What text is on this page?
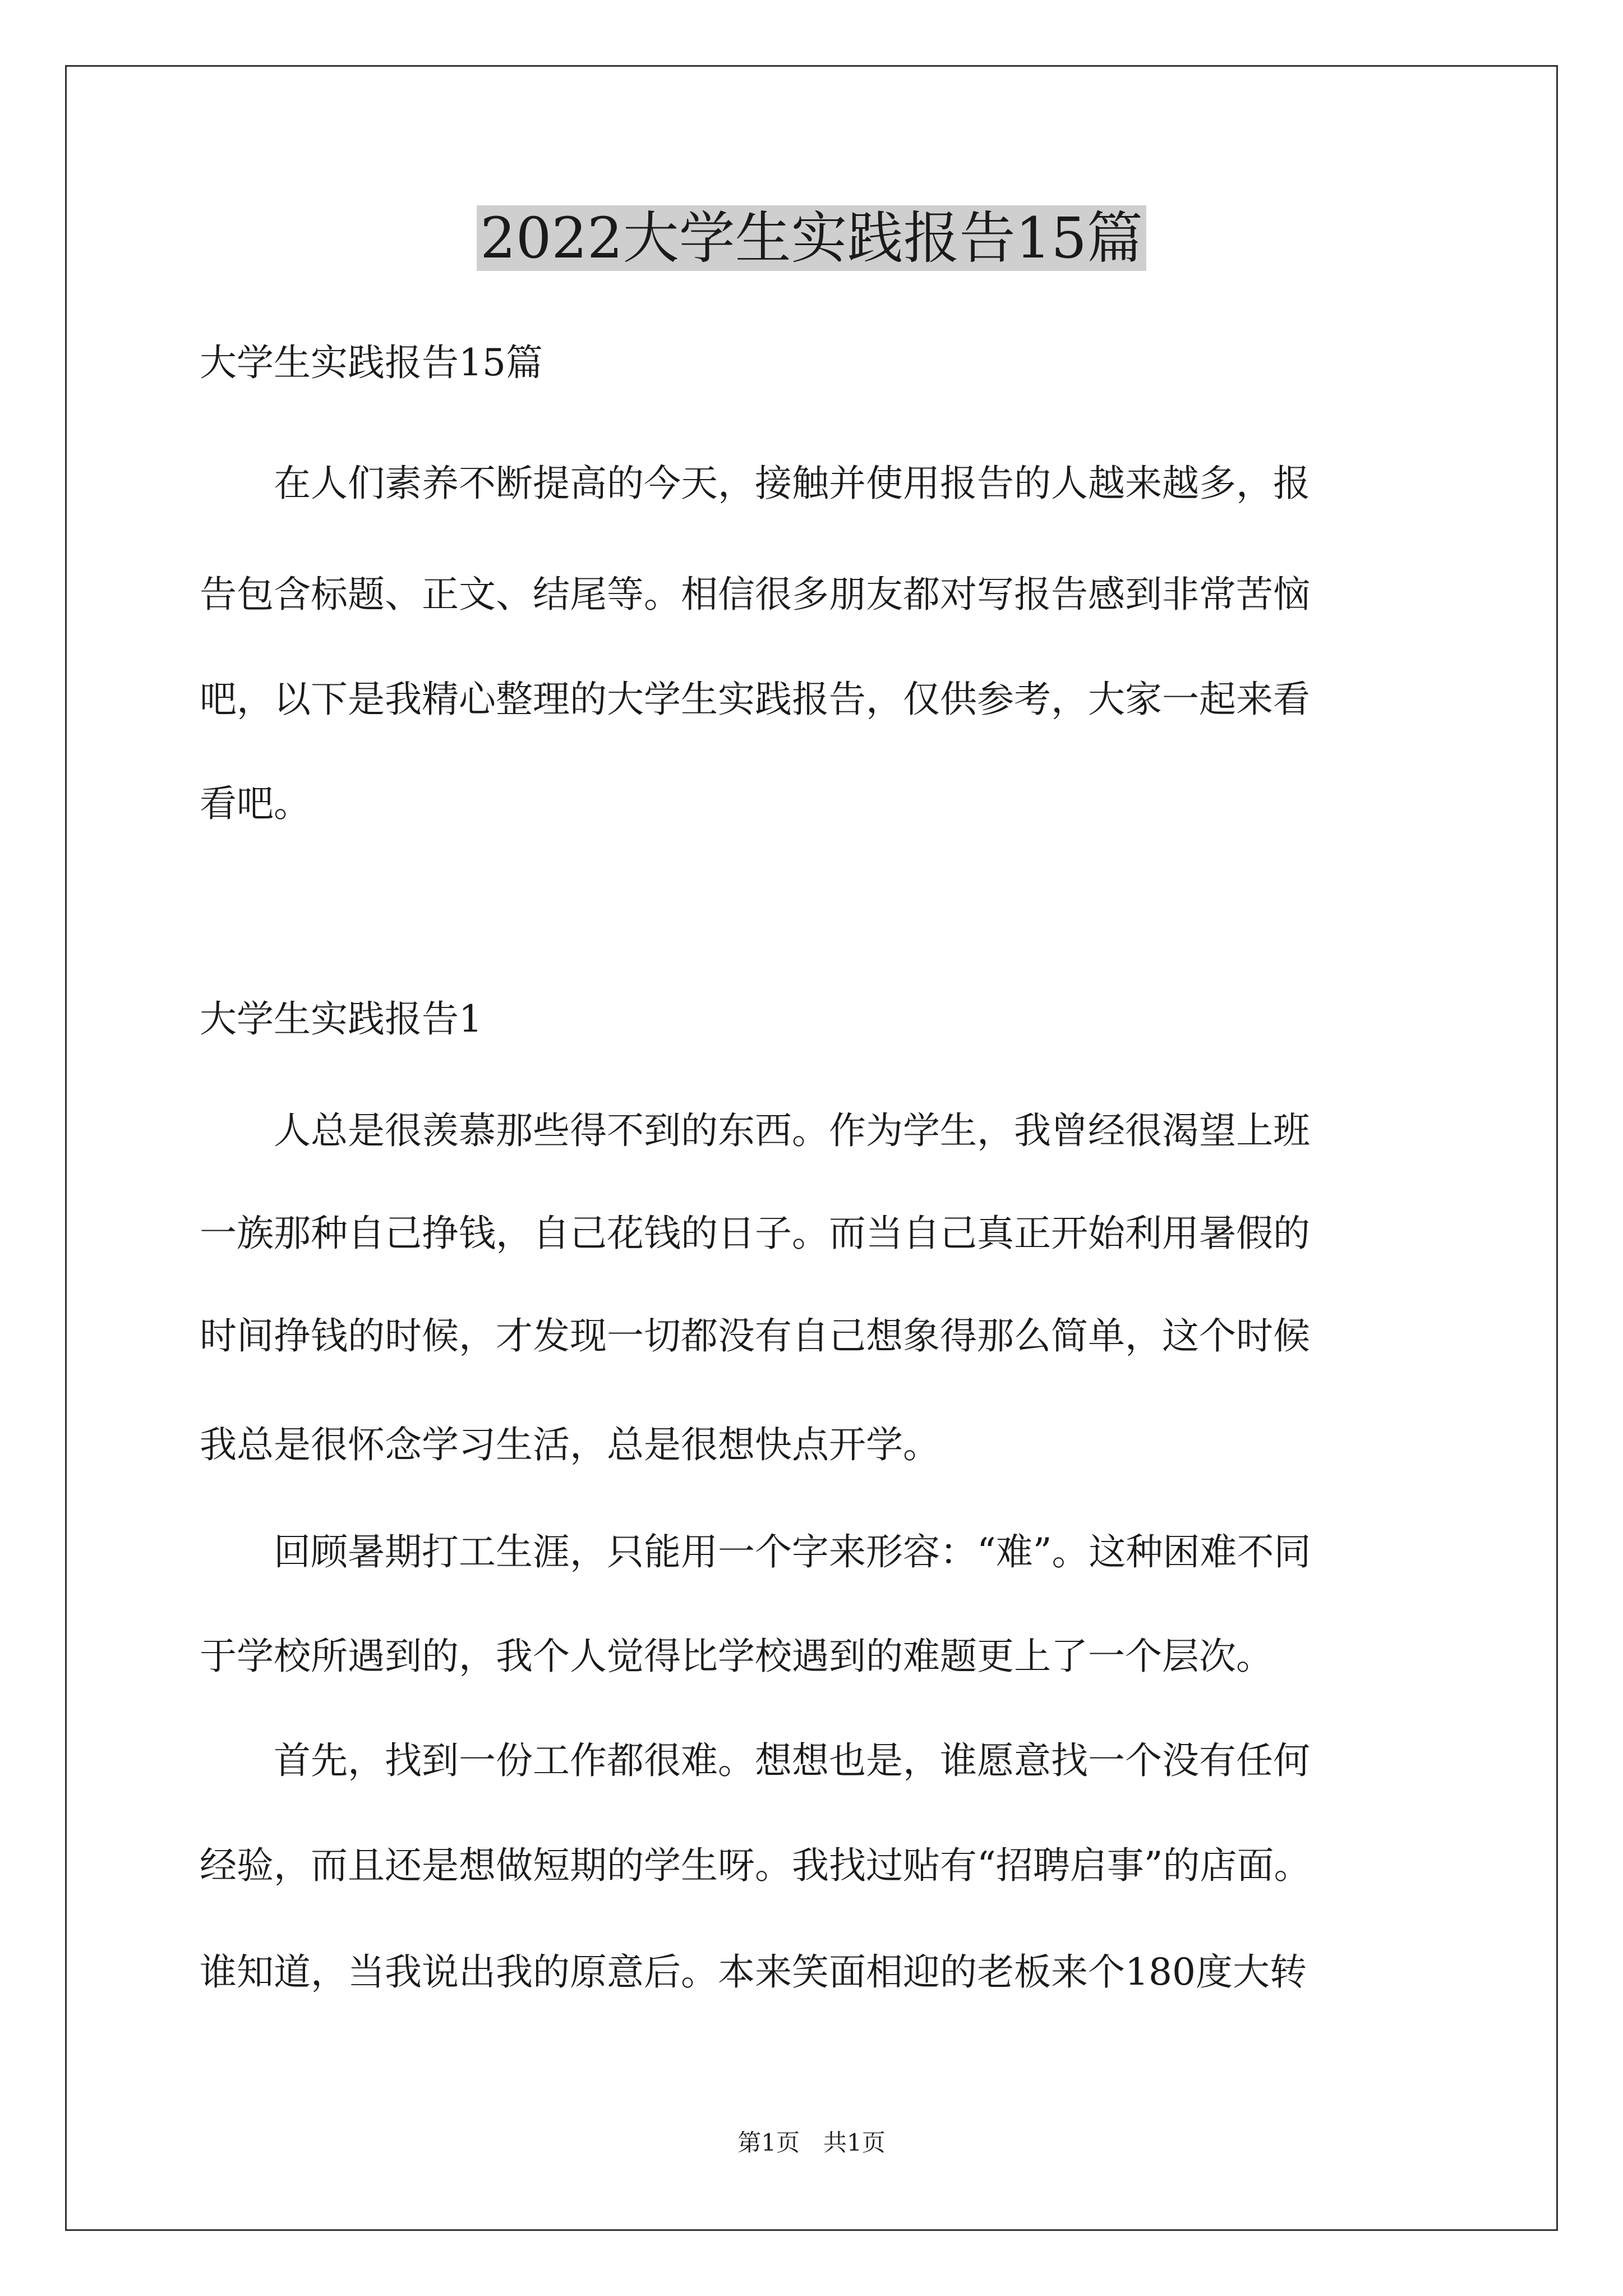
2022大学生实践报告15篇
大学生实践报告15篇
　　在人们素养不断提高的今天，接触并使用报告的人越来越多，报
告包含标题、正文、结尾等。相信很多朋友都对写报告感到非常苦恼
吧，以下是我精心整理的大学生实践报告，仅供参考，大家一起来看
看吧。
大学生实践报告1
　　人总是很羡慕那些得不到的东西。作为学生，我曾经很渴望上班
一族那种自己挣钱，自己花钱的日子。而当自己真正开始利用暑假的
时间挣钱的时候，才发现一切都没有自己想象得那么简单，这个时候
我总是很怀念学习生活，总是很想快点开学。
　　回顾暑期打工生涯，只能用一个字来形容：“难”。这种困难不同
于学校所遇到的，我个人觉得比学校遇到的难题更上了一个层次。
　　首先，找到一份工作都很难。想想也是，谁愿意找一个没有任何
经验，而且还是想做短期的学生呀。我找过贴有“招聘启事”的店面。
谁知道，当我说出我的原意后。本来笑面相迎的老板来个180度大转
第1页　共1页
